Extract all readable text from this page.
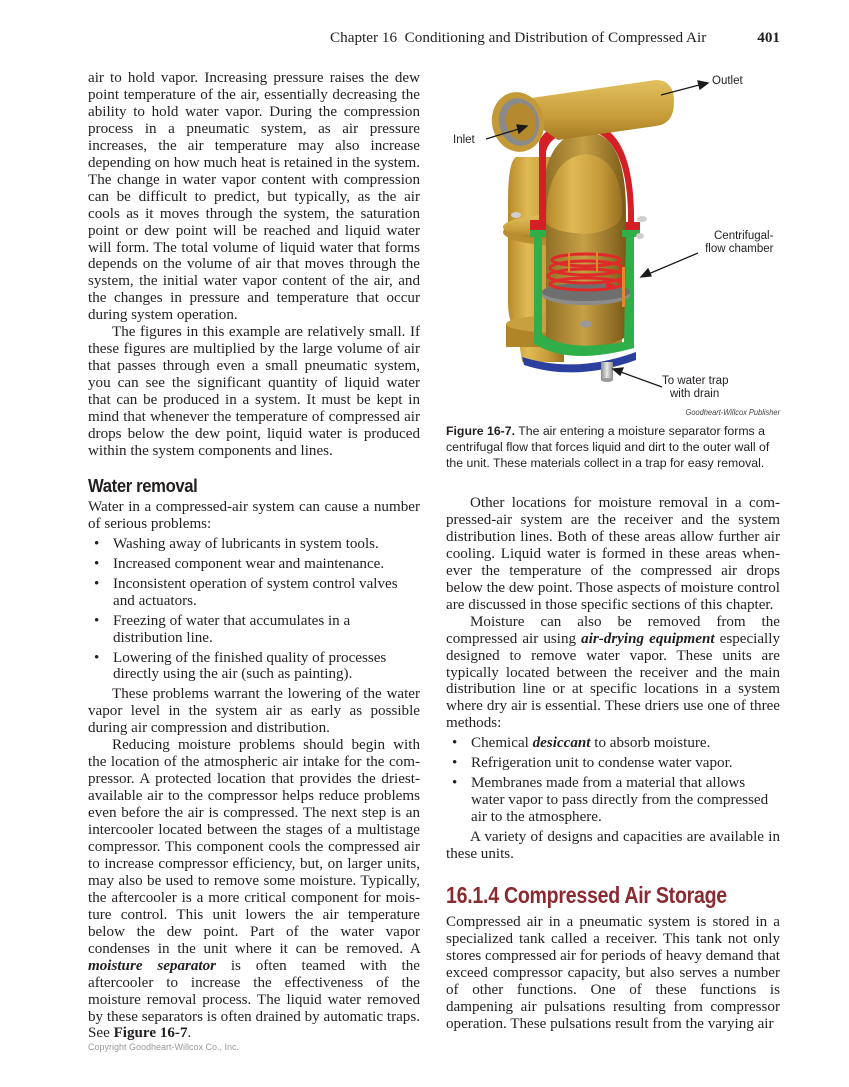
Chapter 16  Conditioning and Distribution of Compressed Air	401

air to hold vapor. Increasing pressure raises the dew point temperature of the air, essentially decreasing the ability to hold water vapor. During the compression process in a pneumatic system, as air pressure increases, the air temperature may also increase depending on how much heat is retained in the system. The change in water vapor content with compression can be difficult to predict, but typically, as the air cools as it moves through the system, the saturation point or dew point will be reached and liquid water will form. The total volume of liquid water that forms depends on the volume of air that moves through the system, the initial water vapor content of the air, and the changes in pressure and temperature that occur during system operation.

The figures in this example are relatively small. If these figures are multiplied by the large volume of air that passes through even a small pneumatic system, you can see the significant quantity of liquid water that can be produced in a system. It must be kept in mind that whenever the temperature of compressed air drops below the dew point, liquid water is produced within the system components and lines.

Water removal

Water in a compressed-air system can cause a number of serious problems:

• Washing away of lubricants in system tools.
• Increased component wear and maintenance.
• Inconsistent operation of system control valves and actuators.
• Freezing of water that accumulates in a distribution line.
• Lowering of the finished quality of processes directly using the air (such as painting).

These problems warrant the lowering of the water vapor level in the system air as early as possible during air compression and distribution.

Reducing moisture problems should begin with the location of the atmospheric air intake for the compressor. A protected location that provides the driest-available air to the compressor helps reduce problems even before the air is compressed. The next step is an intercooler located between the stages of a multistage compressor. This component cools the compressed air to increase compressor efficiency, but, on larger units, may also be used to remove some moisture. Typically, the aftercooler is a more critical component for moisture control. This unit lowers the air temperature below the dew point. Part of the water vapor condenses in the unit where it can be removed. A moisture separator is often teamed with the aftercooler to increase the effectiveness of the moisture removal process. The liquid water removed by these separators is often drained by automatic traps. See Figure 16-7.

Outlet
Inlet
Centrifugal-
flow chamber
To water trap
with drain
Goodheart-Willcox Publisher
Figure 16-7. The air entering a moisture separator forms a centrifugal flow that forces liquid and dirt to the outer wall of the unit. These materials collect in a trap for easy removal.

Other locations for moisture removal in a compressed-air system are the receiver and the system distribution lines. Both of these areas allow further air cooling. Liquid water is formed in these areas whenever the temperature of the compressed air drops below the dew point. Those aspects of moisture control are discussed in those specific sections of this chapter.

Moisture can also be removed from the compressed air using air-drying equipment especially designed to remove water vapor. These units are typically located between the receiver and the main distribution line or at specific locations in a system where dry air is essential. These driers use one of three methods:

• Chemical desiccant to absorb moisture.
• Refrigeration unit to condense water vapor.
• Membranes made from a material that allows water vapor to pass directly from the compressed air to the atmosphere.

A variety of designs and capacities are available in these units.

16.1.4 Compressed Air Storage

Compressed air in a pneumatic system is stored in a specialized tank called a receiver. This tank not only stores compressed air for periods of heavy demand that exceed compressor capacity, but also serves a number of other functions. One of these functions is dampening air pulsations resulting from compressor operation. These pulsations result from the varying air

Copyright Goodheart-Willcox Co., Inc.
